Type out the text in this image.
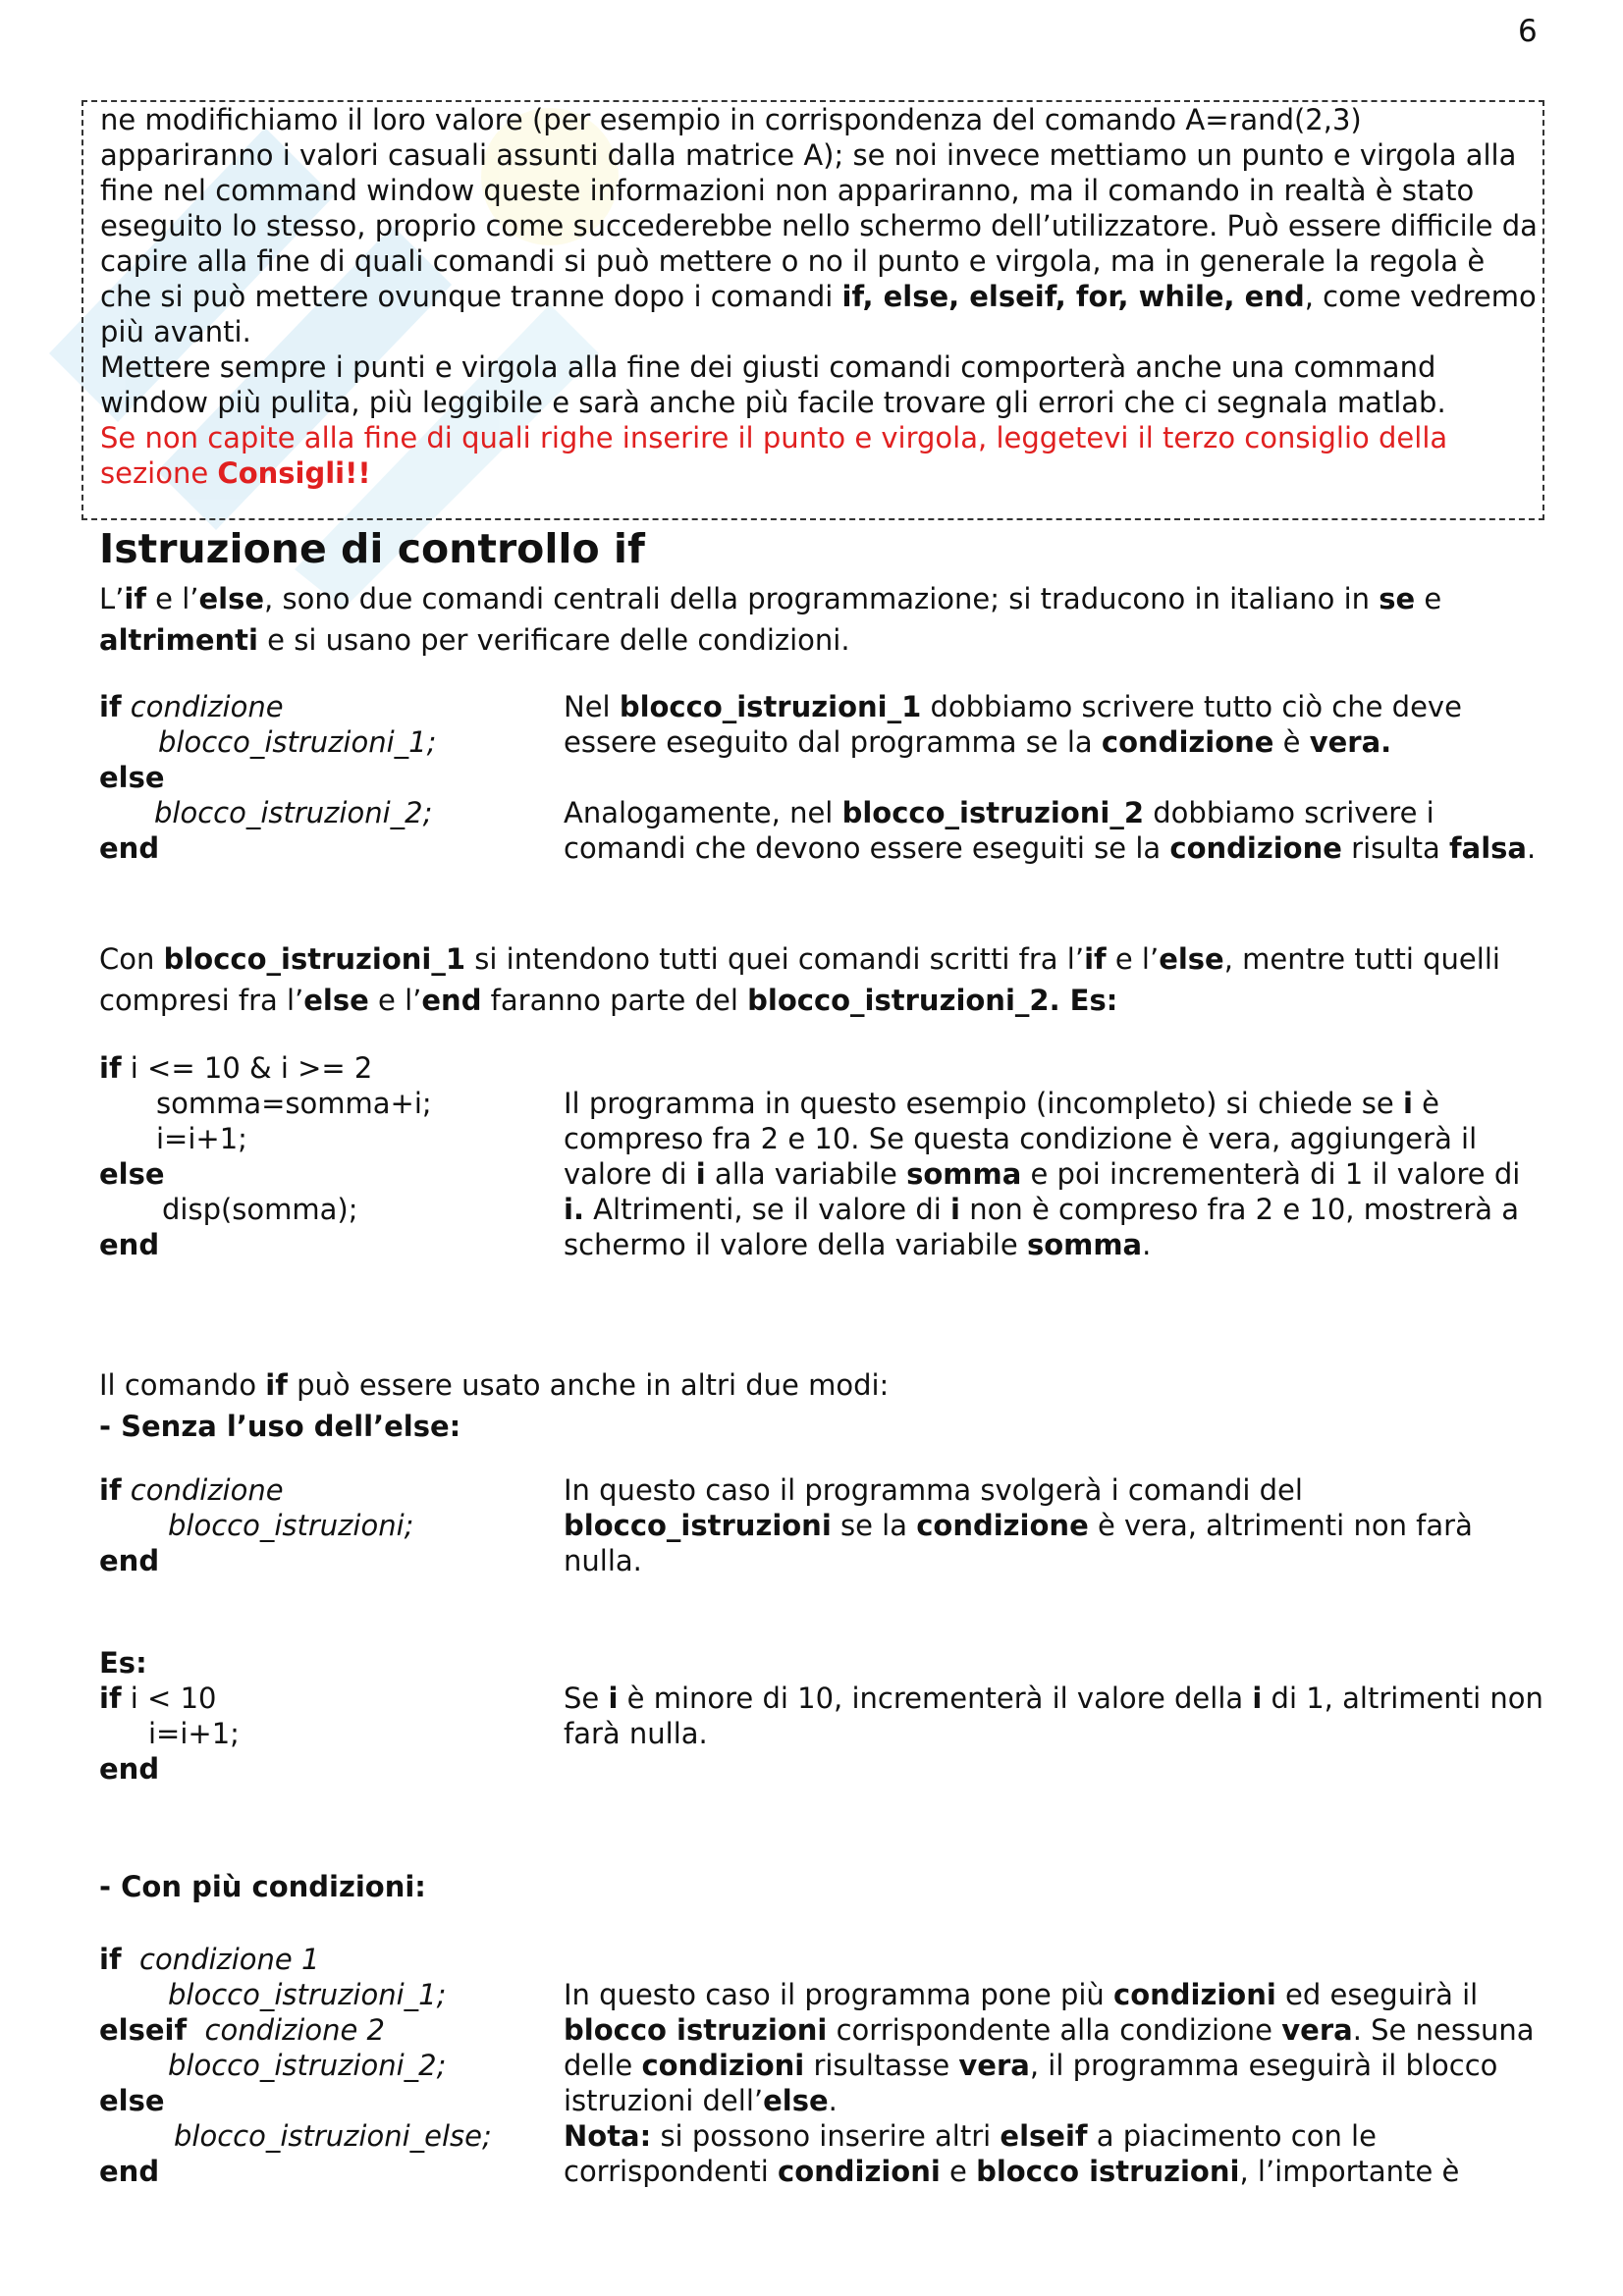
6

ne modifichiamo il loro valore (per esempio in corrispondenza del comando A=rand(2,3) appariranno i valori casuali assunti dalla matrice A); se noi invece mettiamo un punto e virgola alla fine nel command window queste informazioni non appariranno, ma il comando in realtà è stato eseguito lo stesso, proprio come succederebbe nello schermo dell’utilizzatore. Può essere difficile da capire alla fine di quali comandi si può mettere o no il punto e virgola, ma in generale la regola è che si può mettere ovunque tranne dopo i comandi if, else, elseif, for, while, end, come vedremo più avanti.

Mettere sempre i punti e virgola alla fine dei giusti comandi comporterà anche una command window più pulita, più leggibile e sarà anche più facile trovare gli errori che ci segnala matlab.

Se non capite alla fine di quali righe inserire il punto e virgola, leggetevi il terzo consiglio della sezione Consigli!!

Istruzione di controllo if
L’if e l’else, sono due comandi centrali della programmazione; si traducono in italiano in se e altrimenti e si usano per verificare delle condizioni.
if condizione
blocco_istruzioni_1;
else
blocco_istruzioni_2;
end

Nel blocco_istruzioni_1 dobbiamo scrivere tutto ciò che deve essere eseguito dal programma se la condizione è vera.

Analogamente, nel blocco_istruzioni_2 dobbiamo scrivere i comandi che devono essere eseguiti se la condizione risulta falsa.

Con blocco_istruzioni_1 si intendono tutti quei comandi scritti fra l’if e l’else, mentre tutti quelli compresi fra l’else e l’end faranno parte del blocco_istruzioni_2. Es:
if i <= 10 & i >= 2
somma=somma+i;
i=i+1;
else
disp(somma);
end

Il programma in questo esempio (incompleto) si chiede se i è compreso fra 2 e 10. Se questa condizione è vera, aggiungerà il valore di i alla variabile somma e poi incrementerà di 1 il valore di i. Altrimenti, se il valore di i non è compreso fra 2 e 10, mostrerà a schermo il valore della variabile somma.

Il comando if può essere usato anche in altri due modi:
- Senza l’uso dell’else:
if condizione
blocco_istruzioni;
end

In questo caso il programma svolgerà i comandi del blocco_istruzioni se la condizione è vera, altrimenti non farà nulla.

Es:
if i < 10
i=i+1;
end

Se i è minore di 10, incrementerà il valore della i di 1, altrimenti non farà nulla.

- Con più condizioni:
if condizione 1
blocco_istruzioni_1;
elseif condizione 2
blocco_istruzioni_2;
else
blocco_istruzioni_else;
end

In questo caso il programma pone più condizioni ed eseguirà il blocco istruzioni corrispondente alla condizione vera. Se nessuna delle condizioni risultasse vera, il programma eseguirà il blocco istruzioni dell’else.

Nota: si possono inserire altri elseif a piacimento con le corrispondenti condizioni e blocco istruzioni, l’importante è
